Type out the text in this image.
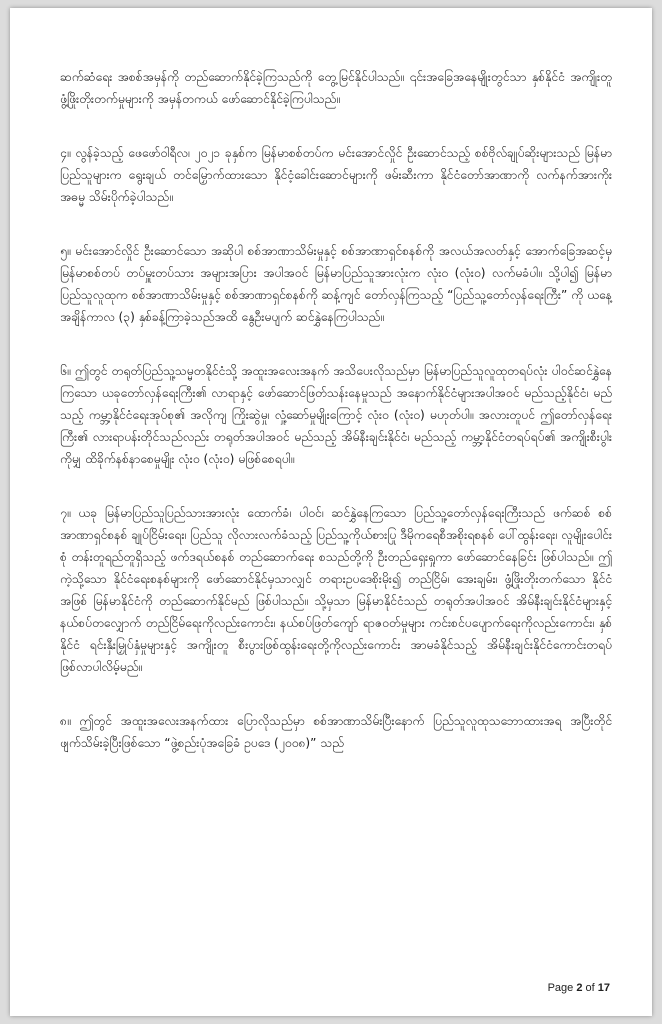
ဆက်ဆံရေး အစစ်အမှန်ကို တည်ဆောက်နိုင်ခဲ့ကြသည်ကို တွေ့မြင်နိုင်ပါသည်။ ၎င်းအခြေအနေမျိုးတွင်သာ နှစ်နိုင်ငံ အကျိုးတူ ဖွံ့ဖြိုးတိုးတက်မှုများကို အမှန်တကယ် ဖော်ဆောင်နိုင်ခဲ့ကြပါသည်။

၄။ လွန်ခဲ့သည့် ဖေဖော်ဝါရီလ၊ ၂၀၂၁ ခုနှစ်က မြန်မာစစ်တပ်က မင်းအောင်လှိုင် ဦးဆောင်သည့် စစ်ဗိုလ်ချုပ်ဆိုးများသည် မြန်မာပြည်သူများက ရွေးချယ် တင်မြှောက်ထားသော နိုင်ငံ့ခေါင်းဆောင်များကို ဖမ်းဆီးကာ နိုင်ငံတော်အာဏာကို လက်နက်အားကိုး အဓမ္မ သိမ်းပိုက်ခဲ့ပါသည်။

၅။ မင်းအောင်လှိုင် ဦးဆောင်သော အဆိုပါ စစ်အာဏာသိမ်းမှုနှင့် စစ်အာဏာရှင်စနစ်ကို အလယ်အလတ်နှင့် အောက်ခြေအဆင့်မှ မြန်မာစစ်တပ် တပ်မှူးတပ်သား အများအပြား အပါအဝင် မြန်မာပြည်သူအားလုံးက လုံး၀ (လုံး၀) လက်မခံပါ။ သို့ပါ၍ မြန်မာပြည်သူလူထုက စစ်အာဏာသိမ်းမှုနှင့် စစ်အာဏာရှင်စနစ်ကို ဆန့်ကျင် တော်လှန်ကြသည့် “ပြည်သူ့တော်လှန်ရေးကြီး” ကို ယနေ့ အချိန်ကာလ (၃) နှစ်ခန့်ကြာခဲ့သည်အထိ နွေဦးမပျက် ဆင်နွှဲနေကြပါသည်။

၆။ ဤတွင် တရုတ်ပြည်သူ့သမ္မတနိုင်ငံသို့ အထူးအလေးအနက် အသိပေးလိုသည်မှာ မြန်မာပြည်သူလူထုတရပ်လုံး ပါဝင်ဆင်နွှဲနေကြသော ယခုတော်လှန်ရေးကြီး၏ လာရာနှင့် ဖော်ဆောင်ဖြတ်သန်းနေမှုသည် အနောက်နိုင်ငံများအပါအဝင် မည်သည့်နိုင်ငံ၊ မည်သည့် ကမ္ဘာ့နိုင်ငံရေးအုပ်စု၏ အလိုကျ ကြိုးဆွဲမှု၊ လှုံ့ဆော်မှုမျိုးကြောင့် လုံး၀ (လုံး၀) မဟုတ်ပါ။ အလားတူပင် ဤတော်လှန်ရေးကြီး၏ လားရာပန်းတိုင်သည်လည်း တရုတ်အပါအဝင် မည်သည့် အိမ်နီးချင်းနိုင်ငံ၊ မည်သည့် ကမ္ဘာ့နိုင်ငံတရပ်ရပ်၏ အကျိုးစီးပွါးကိုမျှ ထိခိုက်နစ်နာစေမှုမျိုး လုံး၀ (လုံး၀) မဖြစ်စေရပါ။

၇။ ယခု မြန်မာပြည်သူပြည်သားအားလုံး ထောက်ခံ၊ ပါဝင်၊ ဆင်နွှဲနေကြသော ပြည်သူ့တော်လှန်ရေးကြီးသည် ဖက်ဆစ် စစ်အာဏာရှင်စနစ် ချုပ်ငြိမ်းရေး၊ ပြည်သူ လိုလားလက်ခံသည့် ပြည်သူ့ကိုယ်စားပြု ဒီမိုကရေစီအစိုးရစနစ် ပေါ်ထွန်းရေး၊ လူမျိုးပေါင်းစုံ တန်းတူရည်တူရှိသည့် ဖက်ဒရယ်စနစ် တည်ဆောက်ရေး စသည်တို့ကို ဦးတည်ရှေးရှုကာ ဖော်ဆောင်နေခြင်း ဖြစ်ပါသည်။ ဤကဲ့သို့သော နိုင်ငံရေးစနစ်များကို ဖော်ဆောင်နိုင်မှသာလျှင် တရားဥပဒေစိုးမိုး၍ တည်ငြိမ်၊ အေးချမ်း၊ ဖွံ့ဖြိုးတိုးတက်သော နိုင်ငံအဖြစ် မြန်မာနိုင်ငံကို တည်ဆောက်နိုင်မည် ဖြစ်ပါသည်။ သို့မှသာ မြန်မာနိုင်ငံသည် တရုတ်အပါအဝင် အိမ်နီးချင်းနိုင်ငံများနှင့် နယ်စပ်တလျှောက် တည်ငြိမ်ရေးကိုလည်းကောင်း၊ နယ်စပ်ဖြတ်ကျော် ရာဇဝတ်မှုများ ကင်းစင်ပပျောက်ရေးကိုလည်းကောင်း၊ နှစ်နိုင်ငံ ရင်းနှီးမြှုပ်နှံမှုများနှင့် အကျိုးတူ စီးပွားဖြစ်ထွန်းရေးတို့ကိုလည်းကောင်း အာမခံနိုင်သည့် အိမ်နီးချင်းနိုင်ငံကောင်းတရပ် ဖြစ်လာပါလိမ့်မည်။

၈။ ဤတွင် အထူးအလေးအနက်ထား ပြောလိုသည်မှာ စစ်အာဏာသိမ်းပြီးနောက် ပြည်သူလူထုသဘောထားအရ အပြီးတိုင် ဖျက်သိမ်းခဲ့ပြီးဖြစ်သော “ဖွဲ့စည်းပုံအခြေခံ ဥပဒေ (၂၀၀၈)” သည်

Page 2 of 17
